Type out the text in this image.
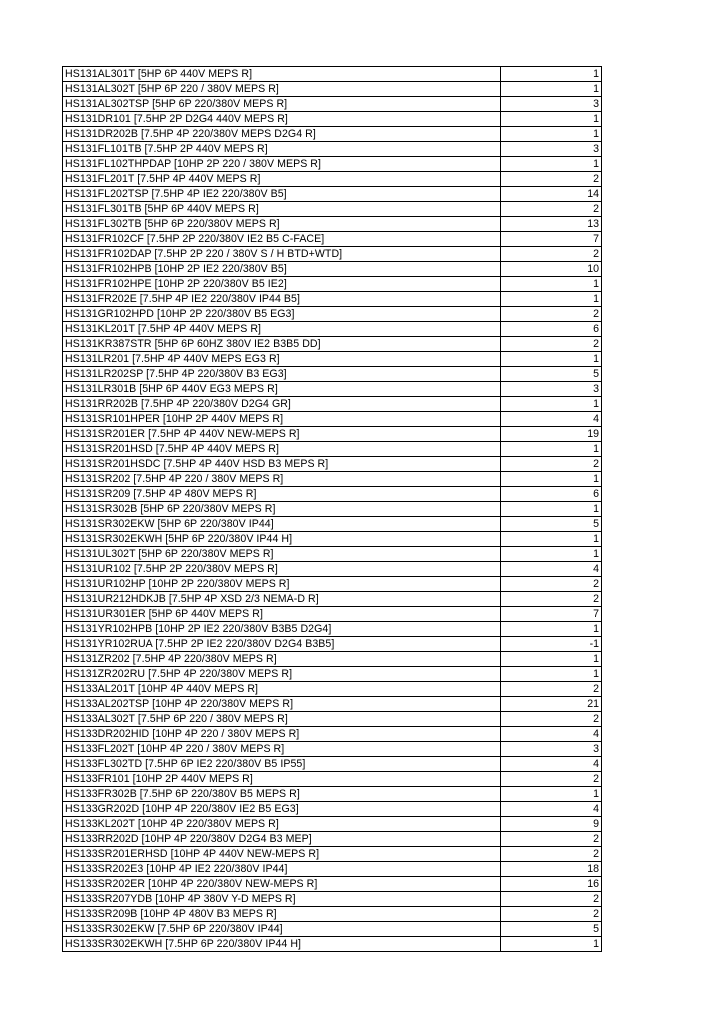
HS131AL301T [5HP 6P 440V MEPS R]	1
HS131AL302T [5HP 6P 220 / 380V MEPS R]	1
HS131AL302TSP [5HP 6P 220/380V MEPS R]	3
HS131DR101 [7.5HP 2P D2G4 440V MEPS R]	1
HS131DR202B [7.5HP 4P 220/380V MEPS D2G4 R]	1
HS131FL101TB [7.5HP 2P 440V MEPS R]	3
HS131FL102THPDAP [10HP 2P 220 / 380V MEPS R]	1
HS131FL201T [7.5HP 4P 440V MEPS R]	2
HS131FL202TSP [7.5HP 4P IE2 220/380V B5]	14
HS131FL301TB [5HP 6P 440V MEPS R]	2
HS131FL302TB [5HP 6P 220/380V MEPS R]	13
HS131FR102CF [7.5HP 2P 220/380V IE2 B5 C-FACE]	7
HS131FR102DAP [7.5HP 2P 220 / 380V S / H BTD+WTD]	2
HS131FR102HPB [10HP 2P IE2 220/380V B5]	10
HS131FR102HPE [10HP 2P 220/380V B5 IE2]	1
HS131FR202E [7.5HP 4P IE2 220/380V IP44 B5]	1
HS131GR102HPD [10HP 2P 220/380V B5 EG3]	2
HS131KL201T [7.5HP 4P 440V MEPS R]	6
HS131KR387STR [5HP 6P 60HZ 380V IE2 B3B5 DD]	2
HS131LR201 [7.5HP 4P 440V MEPS EG3 R]	1
HS131LR202SP [7.5HP 4P 220/380V B3 EG3]	5
HS131LR301B [5HP 6P 440V EG3 MEPS R]	3
HS131RR202B [7.5HP 4P 220/380V D2G4 GR]	1
HS131SR101HPER [10HP 2P 440V MEPS R]	4
HS131SR201ER [7.5HP 4P 440V NEW-MEPS R]	19
HS131SR201HSD [7.5HP 4P 440V MEPS R]	1
HS131SR201HSDC [7.5HP 4P 440V HSD B3 MEPS R]	2
HS131SR202 [7.5HP 4P 220 / 380V MEPS R]	1
HS131SR209 [7.5HP 4P 480V MEPS R]	6
HS131SR302B [5HP 6P 220/380V MEPS R]	1
HS131SR302EKW [5HP 6P 220/380V IP44]	5
HS131SR302EKWH [5HP 6P 220/380V IP44 H]	1
HS131UL302T [5HP 6P 220/380V MEPS R]	1
HS131UR102 [7.5HP 2P 220/380V MEPS R]	4
HS131UR102HP [10HP 2P 220/380V MEPS R]	2
HS131UR212HDKJB [7.5HP 4P XSD 2/3 NEMA-D R]	2
HS131UR301ER [5HP 6P 440V MEPS R]	7
HS131YR102HPB [10HP 2P IE2 220/380V B3B5 D2G4]	1
HS131YR102RUA [7.5HP 2P IE2 220/380V D2G4 B3B5]	-1
HS131ZR202 [7.5HP 4P 220/380V MEPS R]	1
HS131ZR202RU [7.5HP 4P 220/380V MEPS R]	1
HS133AL201T [10HP 4P 440V MEPS R]	2
HS133AL202TSP [10HP 4P 220/380V MEPS R]	21
HS133AL302T [7.5HP 6P 220 / 380V MEPS R]	2
HS133DR202HID [10HP 4P 220 / 380V MEPS R]	4
HS133FL202T [10HP 4P 220 / 380V MEPS R]	3
HS133FL302TD [7.5HP 6P IE2 220/380V B5 IP55]	4
HS133FR101 [10HP 2P 440V MEPS R]	2
HS133FR302B [7.5HP 6P 220/380V B5 MEPS R]	1
HS133GR202D [10HP 4P 220/380V IE2 B5 EG3]	4
HS133KL202T [10HP 4P 220/380V MEPS R]	9
HS133RR202D [10HP 4P 220/380V D2G4 B3 MEP]	2
HS133SR201ERHSD [10HP 4P 440V NEW-MEPS R]	2
HS133SR202E3 [10HP 4P IE2 220/380V IP44]	18
HS133SR202ER [10HP 4P 220/380V NEW-MEPS R]	16
HS133SR207YDB [10HP 4P 380V Y-D MEPS R]	2
HS133SR209B [10HP 4P 480V B3 MEPS R]	2
HS133SR302EKW [7.5HP 6P 220/380V IP44]	5
HS133SR302EKWH [7.5HP 6P 220/380V IP44 H]	1
